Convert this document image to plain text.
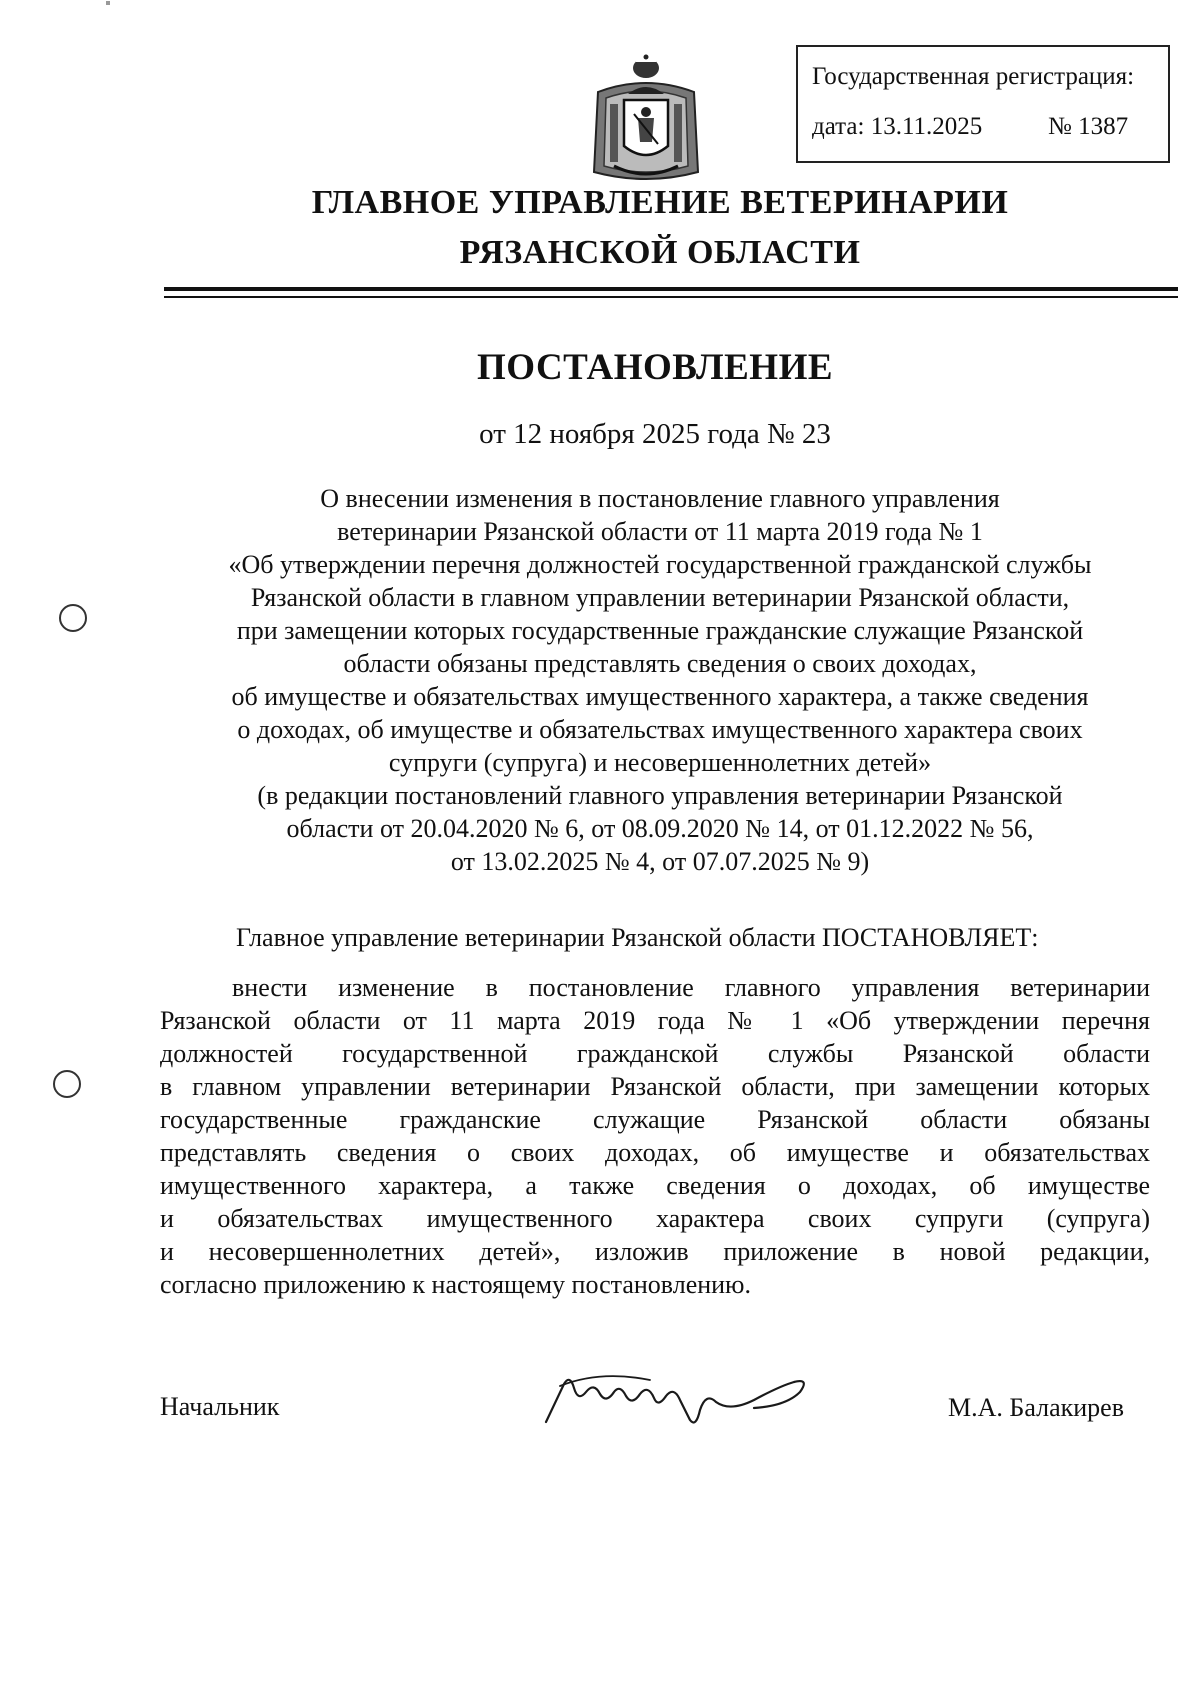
Государственная регистрация:
дата: 13.11.2025	№ 1387
ГЛАВНОЕ УПРАВЛЕНИЕ ВЕТЕРИНАРИИ
РЯЗАНСКОЙ ОБЛАСТИ
ПОСТАНОВЛЕНИЕ
от 12 ноября 2025 года № 23
О внесении изменения в постановление главного управления
ветеринарии Рязанской области от 11 марта 2019 года № 1
«Об утверждении перечня должностей государственной гражданской службы
Рязанской области в главном управлении ветеринарии Рязанской области,
при замещении которых государственные гражданские служащие Рязанской
области обязаны представлять сведения о своих доходах,
об имуществе и обязательствах имущественного характера, а также сведения
о доходах, об имуществе и обязательствах имущественного характера своих
супруги (супруга) и несовершеннолетних детей»
(в редакции постановлений главного управления ветеринарии Рязанской
области от 20.04.2020 № 6, от 08.09.2020 № 14, от 01.12.2022 № 56,
от 13.02.2025 № 4, от 07.07.2025 № 9)
Главное управление ветеринарии Рязанской области ПОСТАНОВЛЯЕТ:
внести изменение в постановление главного управления ветеринарии
Рязанской области от 11 марта 2019 года № 1 «Об утверждении перечня
должностей государственной гражданской службы Рязанской области
в главном управлении ветеринарии Рязанской области, при замещении которых
государственные гражданские служащие Рязанской области обязаны
представлять сведения о своих доходах, об имуществе и обязательствах
имущественного характера, а также сведения о доходах, об имуществе
и обязательствах имущественного характера своих супруги (супруга)
и несовершеннолетних детей», изложив приложение в новой редакции,
согласно приложению к настоящему постановлению.
Начальник	М.А. Балакирев
